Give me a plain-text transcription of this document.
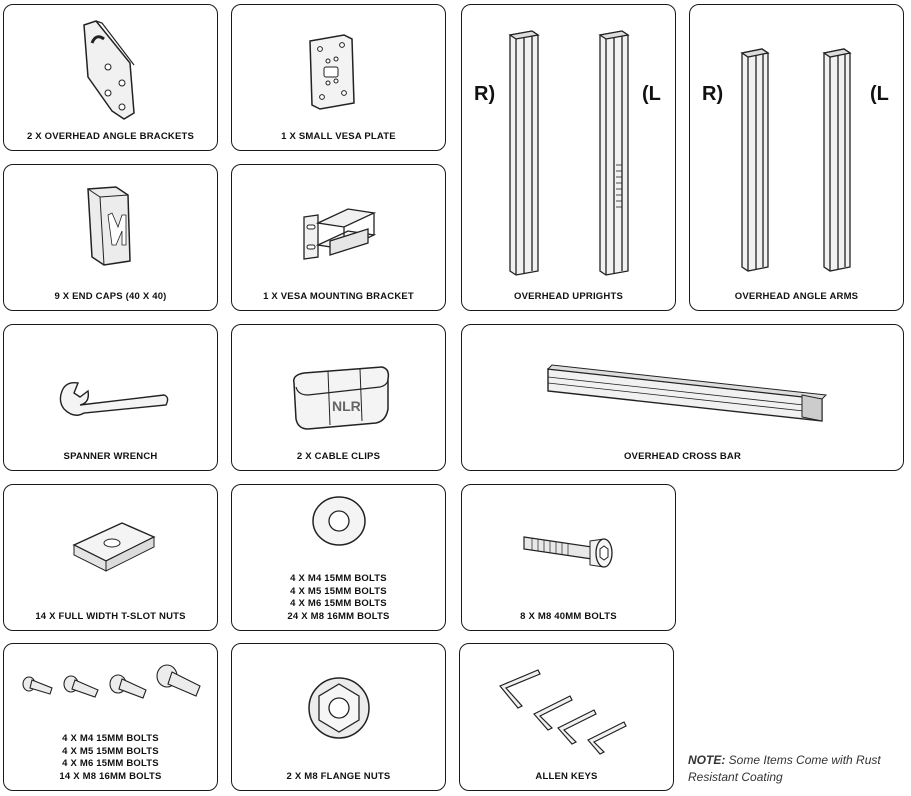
2 X OVERHEAD ANGLE BRACKETS	1 X SMALL VESA PLATE
R)	(L
OVERHEAD UPRIGHTS
R)	(L
OVERHEAD ANGLE ARMS
9 X END CAPS (40 X 40)	1 X VESA MOUNTING BRACKET
SPANNER WRENCH
NLR
2 X CABLE CLIPS	OVERHEAD CROSS BAR
14 X FULL WIDTH T-SLOT NUTS
4 X M4 15MM BOLTS
4 X M5 15MM BOLTS
4 X M6 15MM BOLTS
24 X M8 16MM BOLTS	8 X M8 40MM BOLTS
4 X M4 15MM BOLTS
4 X M5 15MM BOLTS
4 X M6 15MM BOLTS
14 X M8 16MM BOLTS	2 X M8 FLANGE NUTS	ALLEN KEYS
NOTE: Some Items Come with Rust Resistant Coating
